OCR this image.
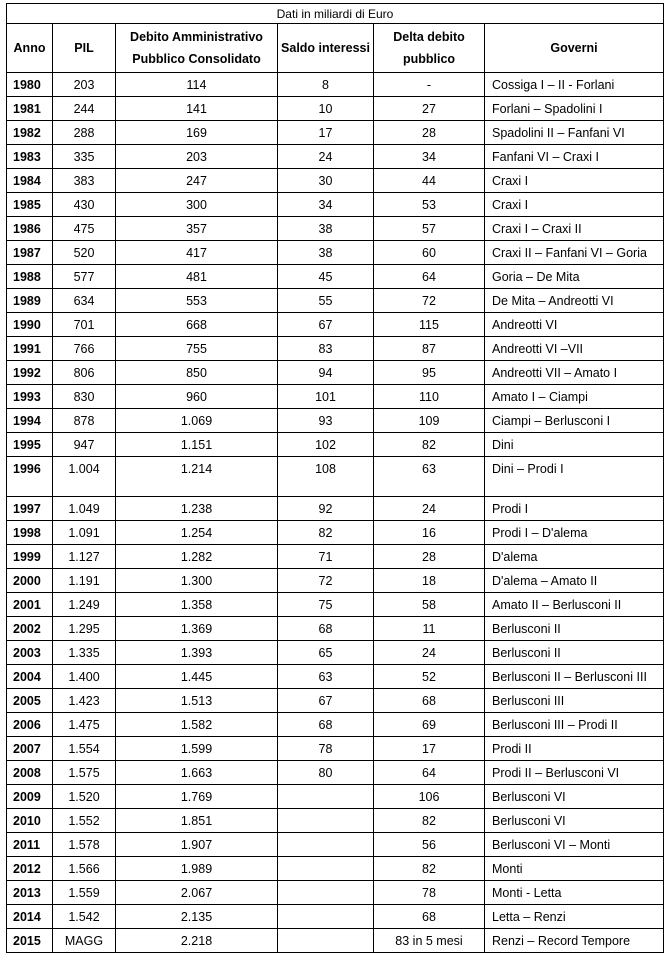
Dati in miliardi di Euro					
Anno	PIL	Debito Amministrativo Pubblico Consolidato	Saldo interessi	Delta debito pubblico	Governi
1980	203	114	8	-	Cossiga I – II - Forlani
1981	244	141	10	27	Forlani – Spadolini I
1982	288	169	17	28	Spadolini II – Fanfani VI
1983	335	203	24	34	Fanfani VI – Craxi I
1984	383	247	30	44	Craxi I
1985	430	300	34	53	Craxi I
1986	475	357	38	57	Craxi I – Craxi II
1987	520	417	38	60	Craxi II – Fanfani VI – Goria
1988	577	481	45	64	Goria – De Mita
1989	634	553	55	72	De Mita – Andreotti VI
1990	701	668	67	115	Andreotti VI
1991	766	755	83	87	Andreotti VI –VII
1992	806	850	94	95	Andreotti VII – Amato I
1993	830	960	101	110	Amato I – Ciampi
1994	878	1.069	93	109	Ciampi – Berlusconi I
1995	947	1.151	102	82	Dini
1996	1.004	1.214	108	63	Dini – Prodi I
1997	1.049	1.238	92	24	Prodi I
1998	1.091	1.254	82	16	Prodi I – D'alema
1999	1.127	1.282	71	28	D'alema
2000	1.191	1.300	72	18	D'alema – Amato II
2001	1.249	1.358	75	58	Amato II – Berlusconi II
2002	1.295	1.369	68	11	Berlusconi II
2003	1.335	1.393	65	24	Berlusconi II
2004	1.400	1.445	63	52	Berlusconi II – Berlusconi III
2005	1.423	1.513	67	68	Berlusconi III
2006	1.475	1.582	68	69	Berlusconi III – Prodi II
2007	1.554	1.599	78	17	Prodi II
2008	1.575	1.663	80	64	Prodi II – Berlusconi VI
2009	1.520	1.769		106	Berlusconi VI
2010	1.552	1.851		82	Berlusconi VI
2011	1.578	1.907		56	Berlusconi VI – Monti
2012	1.566	1.989		82	Monti
2013	1.559	2.067		78	Monti - Letta
2014	1.542	2.135		68	Letta – Renzi
2015	MAGG	2.218		83 in 5 mesi	Renzi – Record Tempore
